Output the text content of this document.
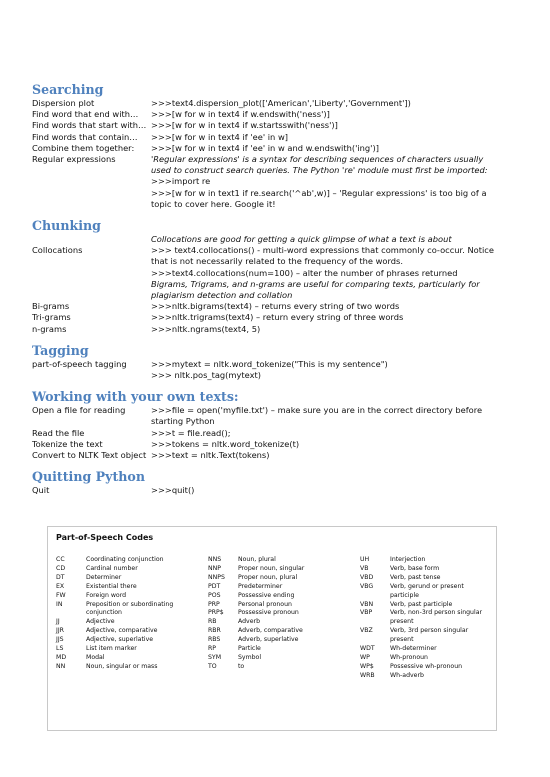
Searching
Dispersion plot	>>>text4.dispersion_plot(['American','Liberty','Government'])

Find word that end with…	>>>[w for w in text4 if w.endswith('ness')]

Find words that start with… >>>[w for w in text4 if w.startsswith('ness')]

Find words that contain…	>>>[w for w in text4 if 'ee' in w]

Combine them together:	>>>[w for w in text4 if 'ee' in w and w.endswith('ing')]

Regular expressions	'Regular expressions' is a syntax for describing sequences of characters usually used to construct search queries. The Python 're' module must first be imported:

>>>import re

>>>[w for w in text1 if re.search('^ab',w)] – 'Regular expressions' is too big of a topic to cover here. Google it!

Chunking

Collocations are good for getting a quick glimpse of what a text is about

Collocations	>>> text4.collocations() - multi-word expressions that commonly co-occur. Notice that is not necessarily related to the frequency of the words.

>>>text4.collocations(num=100) – alter the number of phrases returned

Bigrams, Trigrams, and n-grams are useful for comparing texts, particularly for plagiarism detection and collation

Bi-grams	>>>nltk.bigrams(text4) – returns every string of two words

Tri-grams	>>>nltk.trigrams(text4) – return every string of three words

n-grams	>>>nltk.ngrams(text4, 5)

Tagging
part-of-speech tagging	>>>mytext = nltk.word_tokenize("This is my sentence")

>>> nltk.pos_tag(mytext)

Working with your own texts:
Open a file for reading	>>>file = open('myfile.txt') – make sure you are in the correct directory before starting Python

Read the file	>>>t = file.read();

Tokenize the text	>>>tokens = nltk.word_tokenize(t)

Convert to NLTK Text object >>>text = nltk.Text(tokens)

Quitting Python
Quit	>>>quit()

Part-of-Speech Codes
CC	Coordinating conjunction
CD	Cardinal number
DT	Determiner
EX	Existential there
FW	Foreign word
IN	Preposition or subordinating conjunction
JJ	Adjective
JJR	Adjective, comparative
JJS	Adjective, superlative
LS	List item marker
MD	Modal
NN	Noun, singular or mass
NNS	Noun, plural
NNP	Proper noun, singular
NNPS	Proper noun, plural
PDT	Predeterminer
POS	Possessive ending
PRP	Personal pronoun
PRP$	Possessive pronoun
RB	Adverb
RBR	Adverb, comparative
RBS	Adverb, superlative
RP	Particle
SYM	Symbol
TO	to
UH	Interjection
VB	Verb, base form
VBD	Verb, past tense
VBG	Verb, gerund or present participle
VBN	Verb, past participle
VBP	Verb, non-3rd person singular present
VBZ	Verb, 3rd person singular present
WDT	Wh-determiner
WP	Wh-pronoun
WP$	Possessive wh-pronoun
WRB	Wh-adverb
